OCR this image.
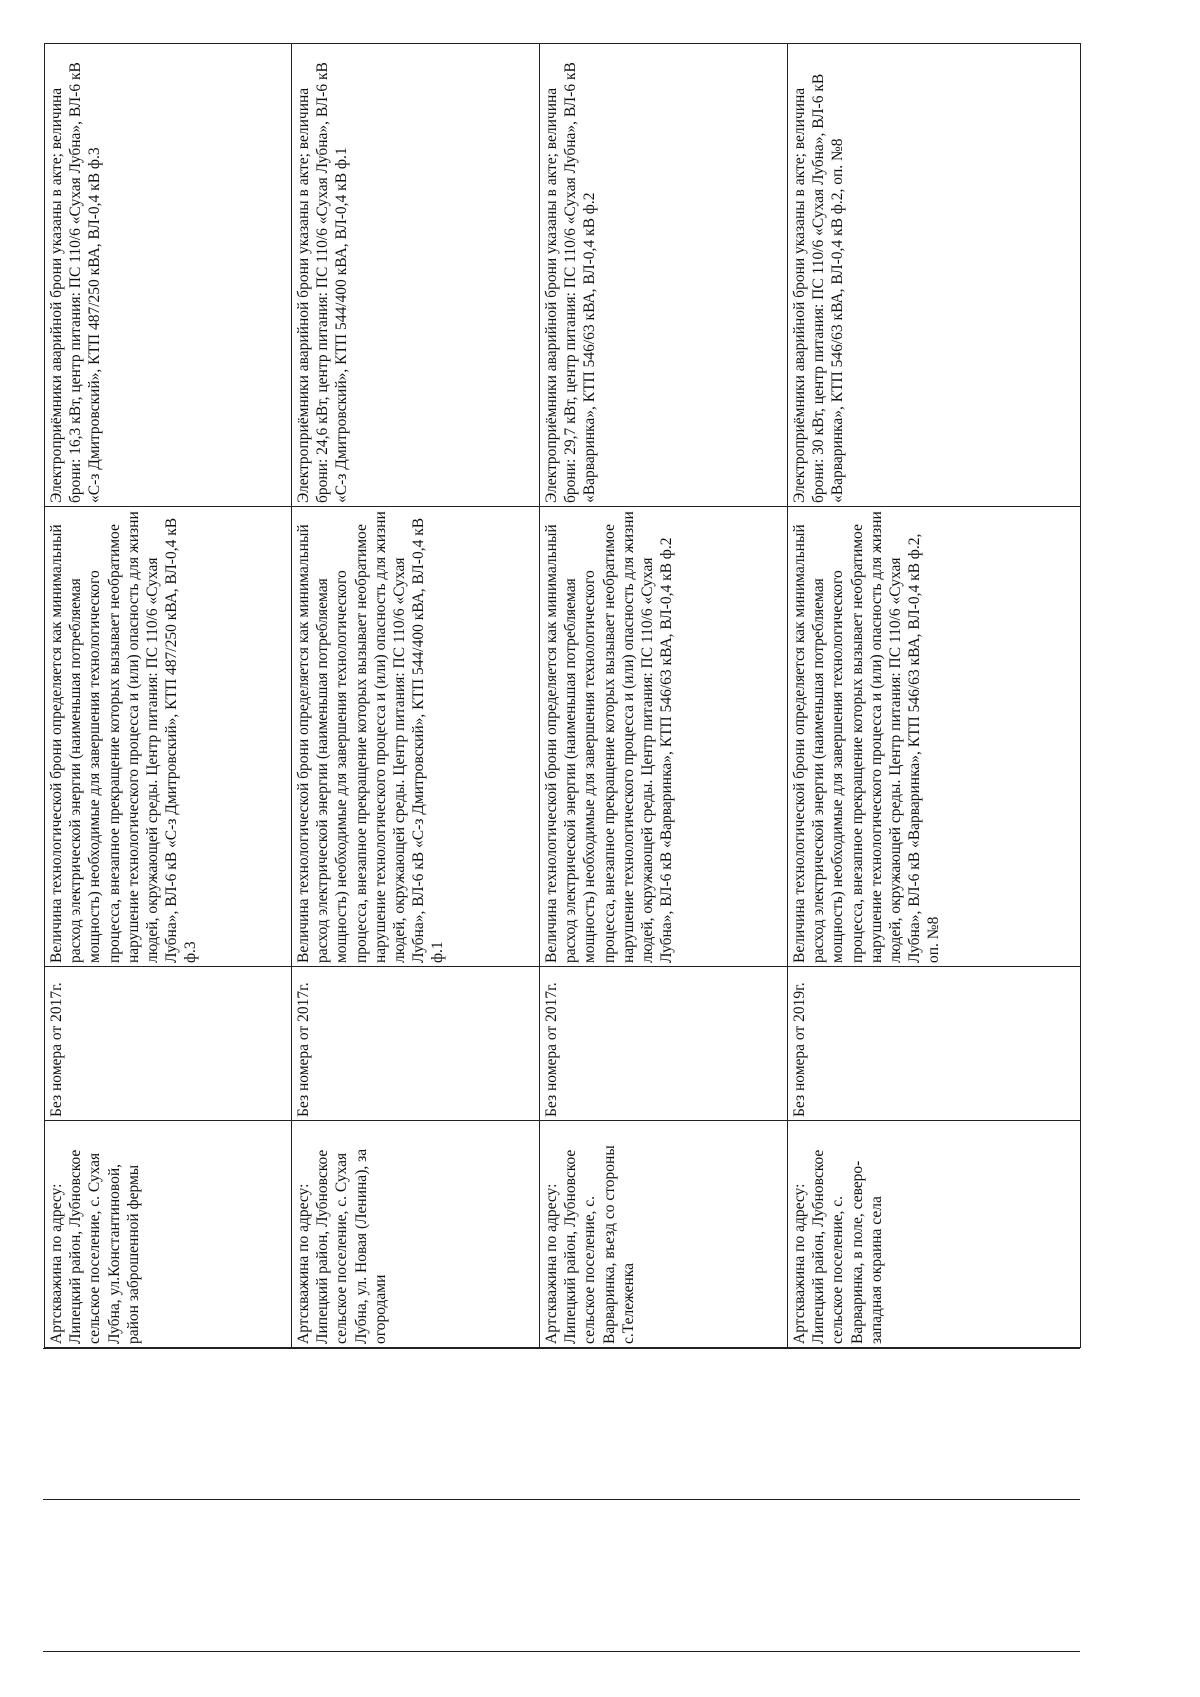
Артскважина по адресу: Липецкий район, Лубновское сельское поселение, с. Сухая Лубна, ул.Константиновой, район заброшенной фермы	Без номера от 2017г.	Величина технологической брони определяется как минимальный расход электрической энергии (наименьшая потребляемая мощность) необходимые для завершения технологического процесса, внезапное прекращение которых вызывает необратимое нарушение технологического процесса и (или) опасность для жизни людей, окружающей среды. Центр питания: ПС 110/6 «Сухая Лубна», ВЛ-6 кВ «С-з Дмитровский», КТП 487/250 кВА, ВЛ-0,4 кВ ф.3	Электроприёмники аварийной брони указаны в акте; величина брони: 16,3 кВт, центр питания: ПС 110/6 «Сухая Лубна», ВЛ-6 кВ «С-з Дмитровский», КТП 487/250 кВА, ВЛ-0,4 кВ ф.3

Артскважина по адресу: Липецкий район, Лубновское сельское поселение, с. Сухая Лубна, ул. Новая (Ленина), за огородами	Без номера от 2017г.	Величина технологической брони определяется как минимальный расход электрической энергии (наименьшая потребляемая мощность) необходимые для завершения технологического процесса, внезапное прекращение которых вызывает необратимое нарушение технологического процесса и (или) опасность для жизни людей, окружающей среды. Центр питания: ПС 110/6 «Сухая Лубна», ВЛ-6 кВ «С-з Дмитровский», КТП 544/400 кВА, ВЛ-0,4 кВ ф.1	Электроприёмники аварийной брони указаны в акте; величина брони: 24,6 кВт, центр питания: ПС 110/6 «Сухая Лубна», ВЛ-6 кВ «С-з Дмитровский», КТП 544/400 кВА, ВЛ-0,4 кВ ф.1

Артскважина по адресу: Липецкий район, Лубновское сельское поселение, с. Варваринка, въезд со стороны с.Тележенка	Без номера от 2017г.	Величина технологической брони определяется как минимальный расход электрической энергии (наименьшая потребляемая мощность) необходимые для завершения технологического процесса, внезапное прекращение которых вызывает необратимое нарушение технологического процесса и (или) опасность для жизни людей, окружающей среды. Центр питания: ПС 110/6 «Сухая Лубна», ВЛ-6 кВ «Варваринка», КТП 546/63 кВА, ВЛ-0,4 кВ ф.2	Электроприёмники аварийной брони указаны в акте; величина брони: 29,7 кВт, центр питания: ПС 110/6 «Сухая Лубна», ВЛ-6 кВ «Варваринка», КТП 546/63 кВА, ВЛ-0,4 кВ ф.2

Артскважина по адресу: Липецкий район, Лубновское сельское поселение, с. Варваринка, в поле, северо-западная окраина села	Без номера от 2019г.	Величина технологической брони определяется как минимальный расход электрической энергии (наименьшая потребляемая мощность) необходимые для завершения технологического процесса, внезапное прекращение которых вызывает необратимое нарушение технологического процесса и (или) опасность для жизни людей, окружающей среды. Центр питания: ПС 110/6 «Сухая Лубна», ВЛ-6 кВ «Варваринка», КТП 546/63 кВА, ВЛ-0,4 кВ ф.2, оп. №8	Электроприёмники аварийной брони указаны в акте; величина брони: 30 кВт, центр питания: ПС 110/6 «Сухая Лубна», ВЛ-6 кВ «Варваринка», КТП 546/63 кВА, ВЛ-0,4 кВ ф.2, оп. №8
